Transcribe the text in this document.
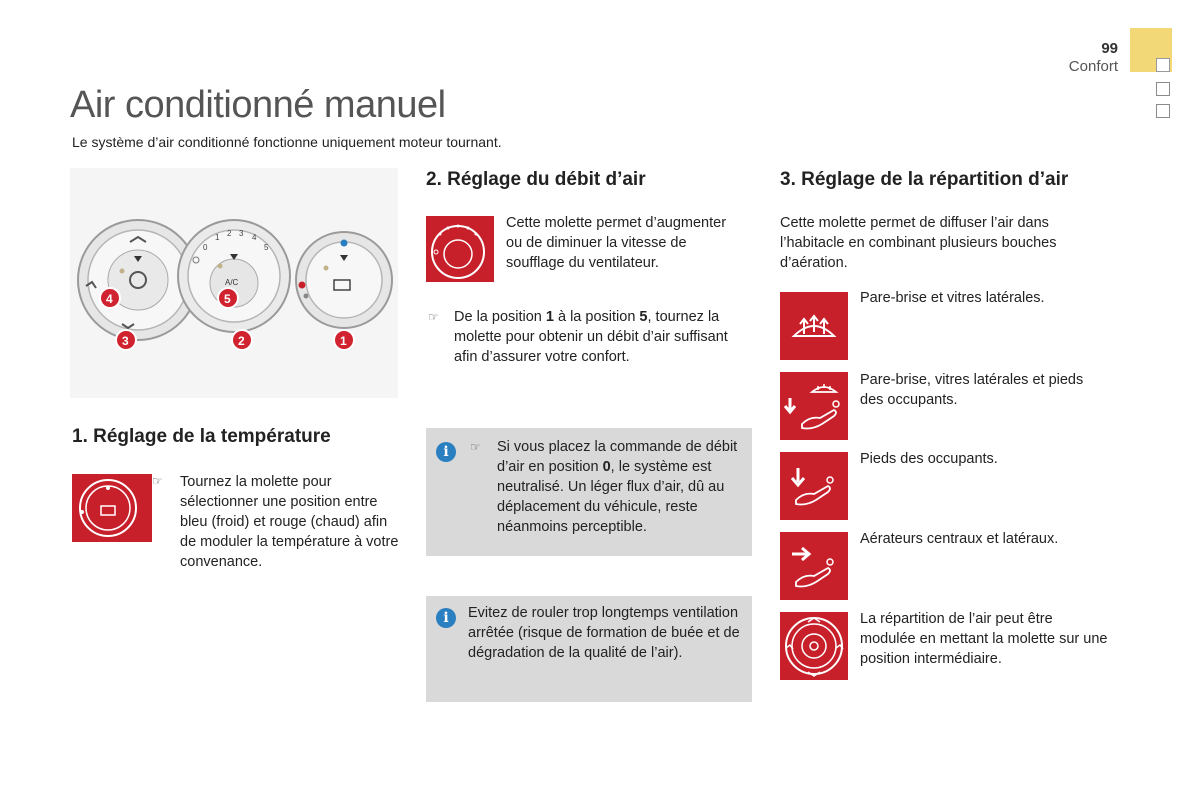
99
Confort
Air conditionné manuel

Le système d’air conditionné fonctionne uniquement moteur tournant.

0
1 2 3 4
5
A/C
4
3
5
2	1
1. Réglage de la température
☞ Tournez la molette pour sélectionner une position entre bleu (froid) et rouge (chaud) afin de moduler la température à votre convenance.

2. Réglage du débit d’air

Cette molette permet d’augmenter ou de diminuer la vitesse de soufflage du ventilateur.

☞ De la position 1 à la position 5, tournez la molette pour obtenir un débit d’air suffisant afin d’assurer votre confort.

i	☞ Si vous placez la commande de débit d’air en position 0, le système est neutralisé. Un léger flux d’air, dû au déplacement du véhicule, reste néanmoins perceptible.

i	Evitez de rouler trop longtemps ventilation arrêtée (risque de formation de buée et de dégradation de la qualité de l’air).

3. Réglage de la répartition d’air

Cette molette permet de diffuser l’air dans l’habitacle en combinant plusieurs bouches d’aération.

Pare-brise et vitres latérales.

Pare-brise, vitres latérales et pieds des occupants.

Pieds des occupants.

Aérateurs centraux et latéraux.

La répartition de l’air peut être modulée en mettant la molette sur une position intermédiaire.
